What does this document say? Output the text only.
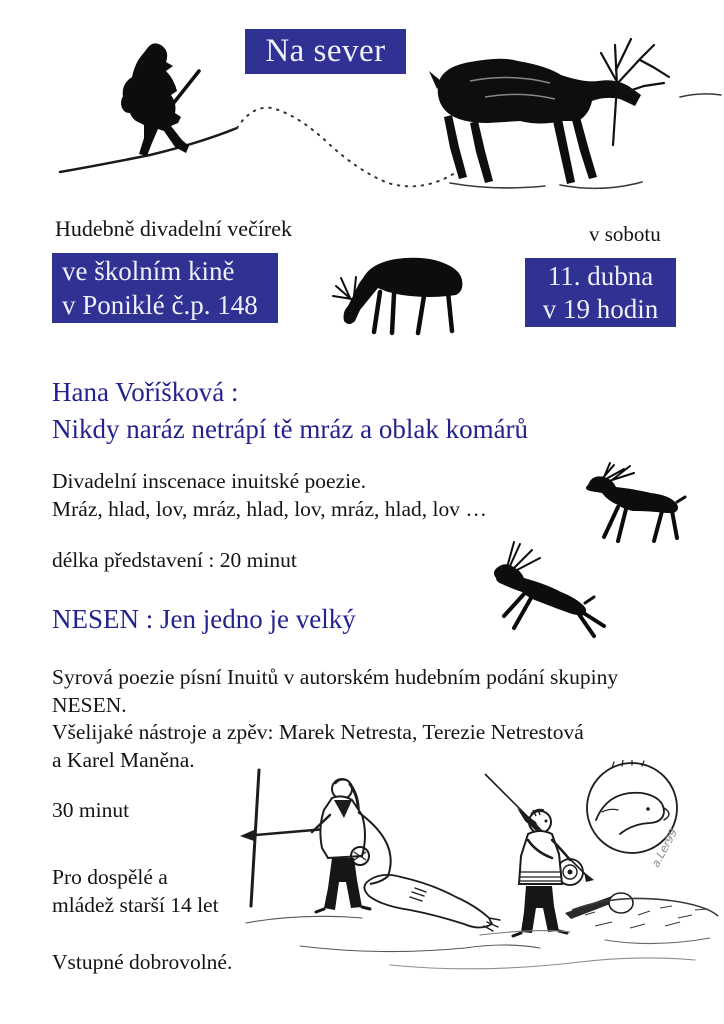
a.Ler99
Na sever
Hudebně divadelní večírek	v sobotu
ve školním kině
v Poniklé č.p. 148
11. dubna
v 19 hodin
Hana Voříšková :
Nikdy naráz netrápí tě mráz a oblak komárů
Divadelní inscenace inuitské poezie.
Mráz, hlad, lov, mráz, hlad, lov, mráz, hlad, lov …
délka představení : 20 minut
NESEN : Jen jedno je velký
Syrová poezie písní Inuitů v autorském hudebním podání skupiny
NESEN.
Všelijaké nástroje a zpěv: Marek Netresta, Terezie Netrestová
a Karel Maněna.
30 minut
Pro dospělé a
mládež starší 14 let
Vstupné dobrovolné.
